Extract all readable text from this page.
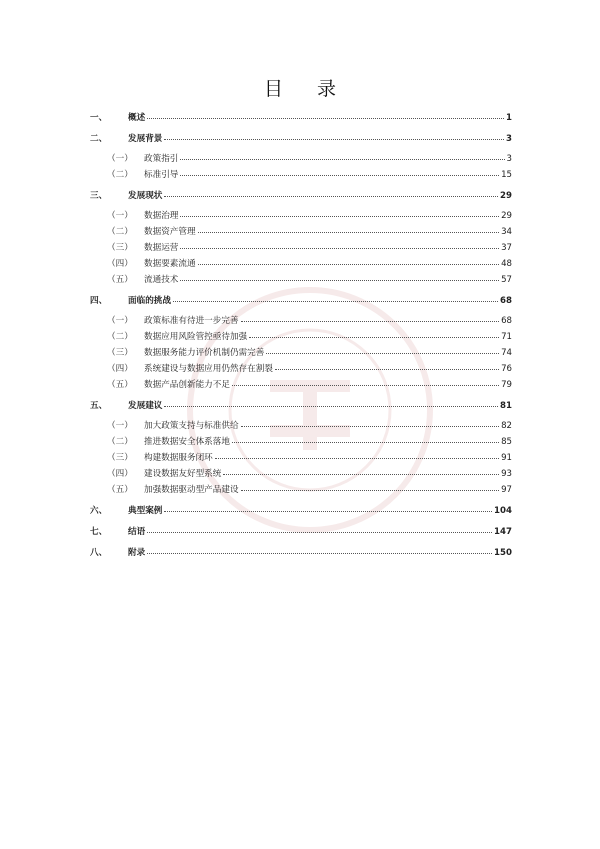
目 录
一、	概述	1
二、	发展背景	3
（一）	政策指引	3
（二）	标准引导	15
三、	发展现状	29
（一）	数据治理	29
（二）	数据资产管理	34
（三）	数据运营	37
（四）	数据要素流通	48
（五）	流通技术	57
四、	面临的挑战	68
（一）	政策标准有待进一步完善	68
（二）	数据应用风险管控亟待加强	71
（三）	数据服务能力评价机制仍需完善	74
（四）	系统建设与数据应用仍然存在割裂	76
（五）	数据产品创新能力不足	79
五、	发展建议	81
（一）	加大政策支持与标准供给	82
（二）	推进数据安全体系落地	85
（三）	构建数据服务闭环	91
（四）	建设数据友好型系统	93
（五）	加强数据驱动型产品建设	97
六、	典型案例	104
七、	结语	147
八、	附录	150
